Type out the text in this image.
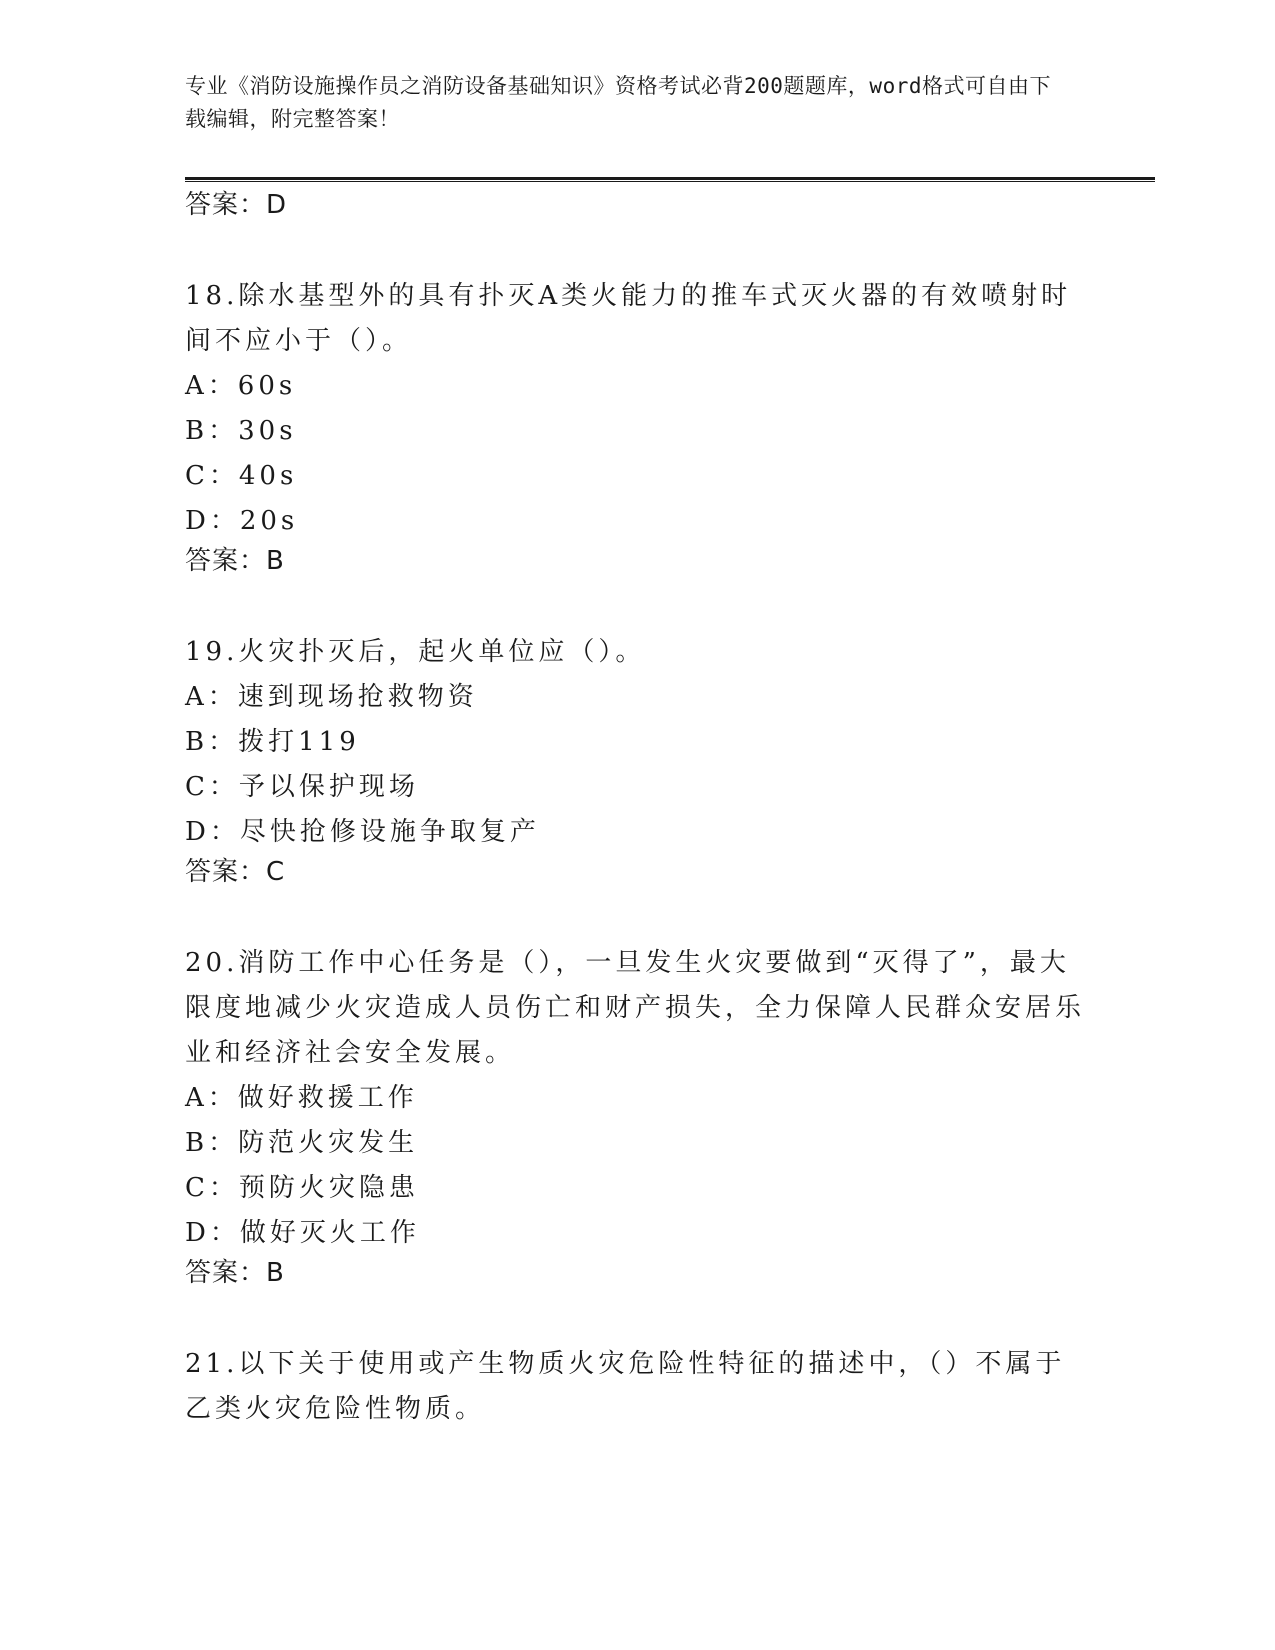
专业《消防设施操作员之消防设备基础知识》资格考试必背200题题库，word格式可自由下载编辑，附完整答案！

答案：D

18.除水基型外的具有扑灭A类火能力的推车式灭火器的有效喷射时间不应小于（）。

A：60s

B：30s

C：40s

D：20s

答案：B

19.火灾扑灭后，起火单位应（）。

A：速到现场抢救物资

B：拨打119

C：予以保护现场

D：尽快抢修设施争取复产

答案：C

20.消防工作中心任务是（），一旦发生火灾要做到“灭得了”，最大限度地减少火灾造成人员伤亡和财产损失，全力保障人民群众安居乐业和经济社会安全发展。

A：做好救援工作

B：防范火灾发生

C：预防火灾隐患

D：做好灭火工作

答案：B

21.以下关于使用或产生物质火灾危险性特征的描述中，（）不属于乙类火灾危险性物质。
